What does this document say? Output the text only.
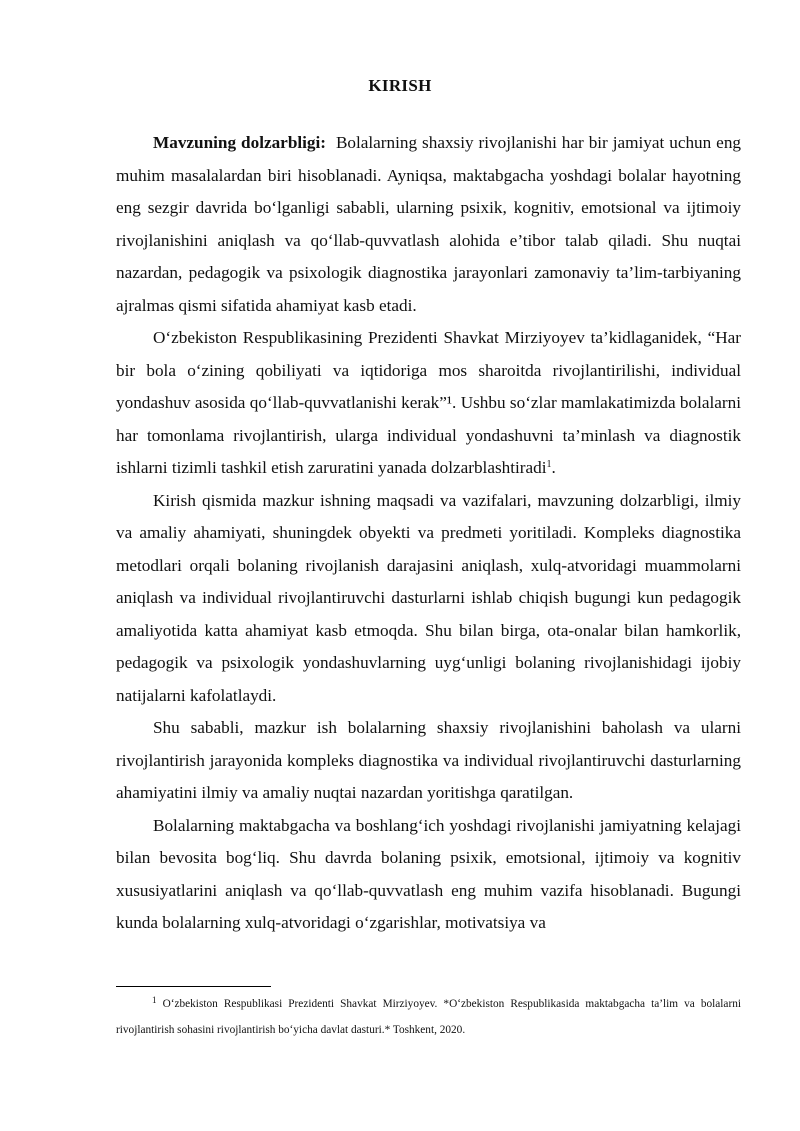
KIRISH

Mavzuning dolzarbligi: Bolalarning shaxsiy rivojlanishi har bir jamiyat uchun eng muhim masalalardan biri hisoblanadi. Ayniqsa, maktabgacha yoshdagi bolalar hayotning eng sezgir davrida boʻlganligi sababli, ularning psixik, kognitiv, emotsional va ijtimoiy rivojlanishini aniqlash va qoʻllab-quvvatlash alohida e’tibor talab qiladi. Shu nuqtai nazardan, pedagogik va psixologik diagnostika jarayonlari zamonaviy ta’lim-tarbiyaning ajralmas qismi sifatida ahamiyat kasb etadi.

Oʻzbekiston Respublikasining Prezidenti Shavkat Mirziyoyev ta’kidlaganidek, “Har bir bola oʻzining qobiliyati va iqtidoriga mos sharoitda rivojlantirilishi, individual yondashuv asosida qoʻllab-quvvatlanishi kerak”¹. Ushbu soʻzlar mamlakatimizda bolalarni har tomonlama rivojlantirish, ularga individual yondashuvni ta’minlash va diagnostik ishlarni tizimli tashkil etish zaruratini yanada dolzarblashtiradi$^1$.

Kirish qismida mazkur ishning maqsadi va vazifalari, mavzuning dolzarbligi, ilmiy va amaliy ahamiyati, shuningdek obyekti va predmeti yoritiladi. Kompleks diagnostika metodlari orqali bolaning rivojlanish darajasini aniqlash, xulq-atvoridagi muammolarni aniqlash va individual rivojlantiruvchi dasturlarni ishlab chiqish bugungi kun pedagogik amaliyotida katta ahamiyat kasb etmoqda. Shu bilan birga, ota-onalar bilan hamkorlik, pedagogik va psixologik yondashuvlarning uygʻunligi bolaning rivojlanishidagi ijobiy natijalarni kafolatlaydi.

Shu sababli, mazkur ish bolalarning shaxsiy rivojlanishini baholash va ularni rivojlantirish jarayonida kompleks diagnostika va individual rivojlantiruvchi dasturlarning ahamiyatini ilmiy va amaliy nuqtai nazardan yoritishga qaratilgan.

Bolalarning maktabgacha va boshlangʻich yoshdagi rivojlanishi jamiyatning kelajagi bilan bevosita bogʻliq. Shu davrda bolaning psixik, emotsional, ijtimoiy va kognitiv xususiyatlarini aniqlash va qoʻllab-quvvatlash eng muhim vazifa hisoblanadi. Bugungi kunda bolalarning xulq-atvoridagi oʻzgarishlar, motivatsiya va

$^1$ Oʻzbekiston Respublikasi Prezidenti Shavkat Mirziyoyev. *Oʻzbekiston Respublikasida maktabgacha ta’lim va bolalarni rivojlantirish sohasini rivojlantirish boʻyicha davlat dasturi.* Toshkent, 2020.
